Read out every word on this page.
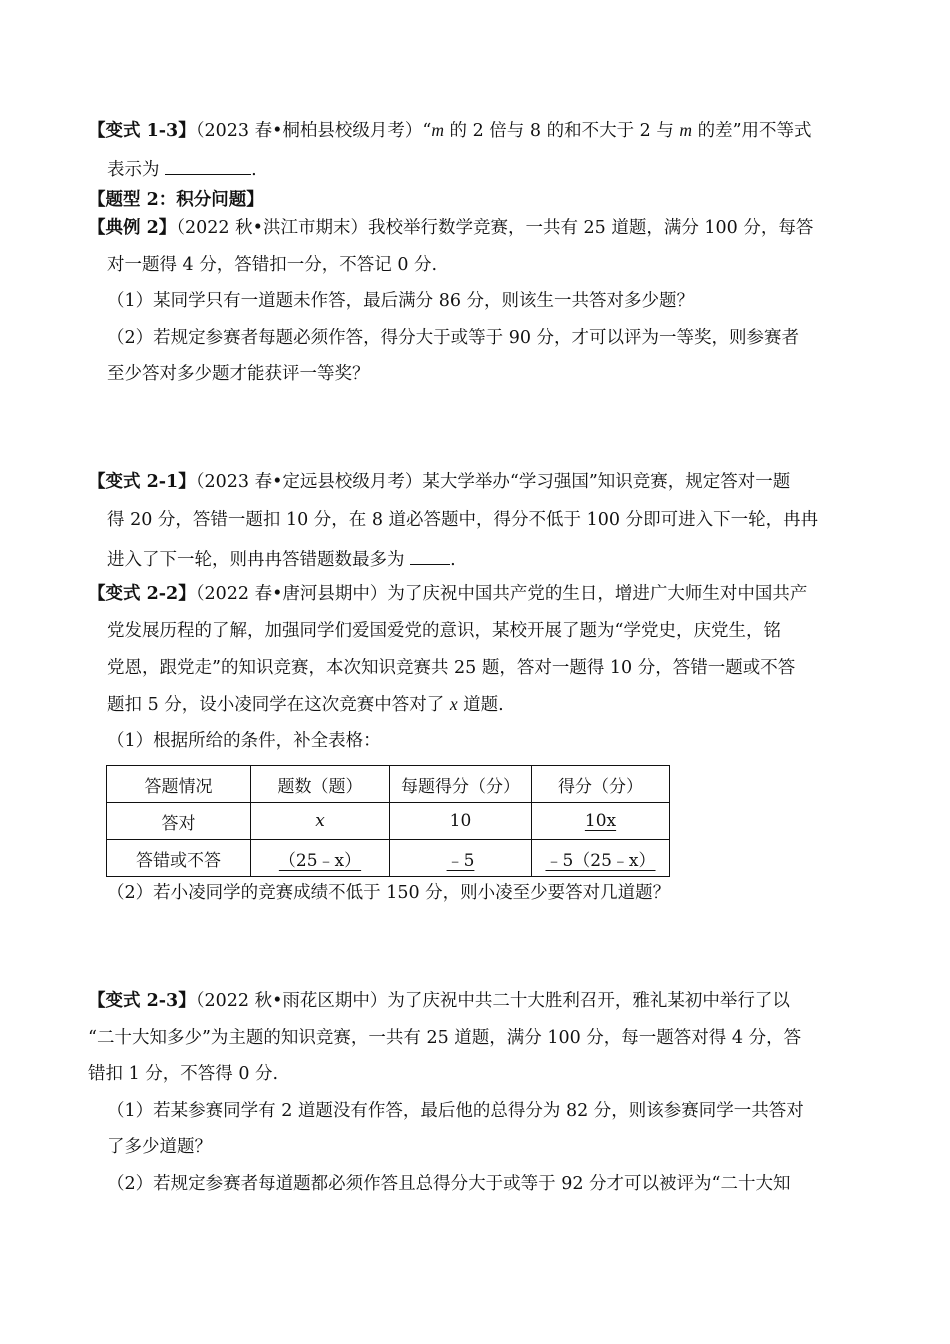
【变式 1-3】（2023 春•桐柏县校级月考）“m 的 2 倍与 8 的和不大于 2 与 m 的差”用不等式
表示为	.
【题型 2：积分问题】
【典例 2】（2022 秋•洪江市期末）我校举行数学竞赛，一共有 25 道题，满分 100 分，每答
对一题得 4 分，答错扣一分，不答记 0 分.
（1）某同学只有一道题未作答，最后满分 86 分，则该生一共答对多少题？
（2）若规定参赛者每题必须作答，得分大于或等于 90 分，才可以评为一等奖，则参赛者
至少答对多少题才能获评一等奖？
【变式 2-1】（2023 春•定远县校级月考）某大学举办“学习强国”知识竞赛，规定答对一题
得 20 分，答错一题扣 10 分，在 8 道必答题中，得分不低于 100 分即可进入下一轮，冉冉
进入了下一轮，则冉冉答错题数最多为 .
【变式 2-2】（2022 春•唐河县期中）为了庆祝中国共产党的生日，增进广大师生对中国共产
党发展历程的了解，加强同学们爱国爱党的意识，某校开展了题为“学党史，庆党生，铭
党恩，跟党走”的知识竞赛，本次知识竞赛共 25 题，答对一题得 10 分，答错一题或不答
题扣 5 分，设小凌同学在这次竞赛中答对了 x 道题.
（1）根据所给的条件，补全表格：
答题情况	题数（题）	每题得分（分）	得分（分）
答对	x	10	10x
答错或不答	（25﹣x）	﹣5	﹣5（25﹣x）
（2）若小凌同学的竞赛成绩不低于 150 分，则小凌至少要答对几道题？
【变式 2-3】（2022 秋•雨花区期中）为了庆祝中共二十大胜利召开，雅礼某初中举行了以
“二十大知多少”为主题的知识竞赛，一共有 25 道题，满分 100 分，每一题答对得 4 分，答
错扣 1 分，不答得 0 分.
（1）若某参赛同学有 2 道题没有作答，最后他的总得分为 82 分，则该参赛同学一共答对
了多少道题？
（2）若规定参赛者每道题都必须作答且总得分大于或等于 92 分才可以被评为“二十大知
